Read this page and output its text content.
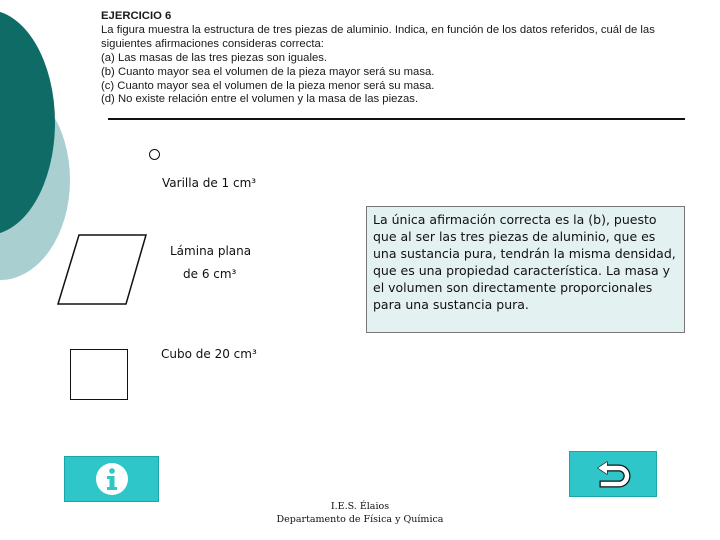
EJERCICIO 6
La figura muestra la estructura de tres piezas de aluminio. Indica, en función de los datos referidos, cuál de las
siguientes afirmaciones consideras correcta:
(a) Las masas de las tres piezas son iguales.
(b) Cuanto mayor sea el volumen de la pieza mayor será su masa.
(c) Cuanto mayor sea el volumen de la pieza menor será su masa.
(d) No existe relación entre el volumen y la masa de las piezas.
Varilla de 1 cm³
Lámina plana
de 6 cm³
Cubo de 20 cm³
La única afirmación correcta es la (b), puesto que al ser las tres piezas de aluminio, que es una sustancia pura, tendrán la misma densidad, que es una propiedad característica. La masa y el volumen son directamente proporcionales para una sustancia pura.
I.E.S. Élaios
Departamento de Física y Química
